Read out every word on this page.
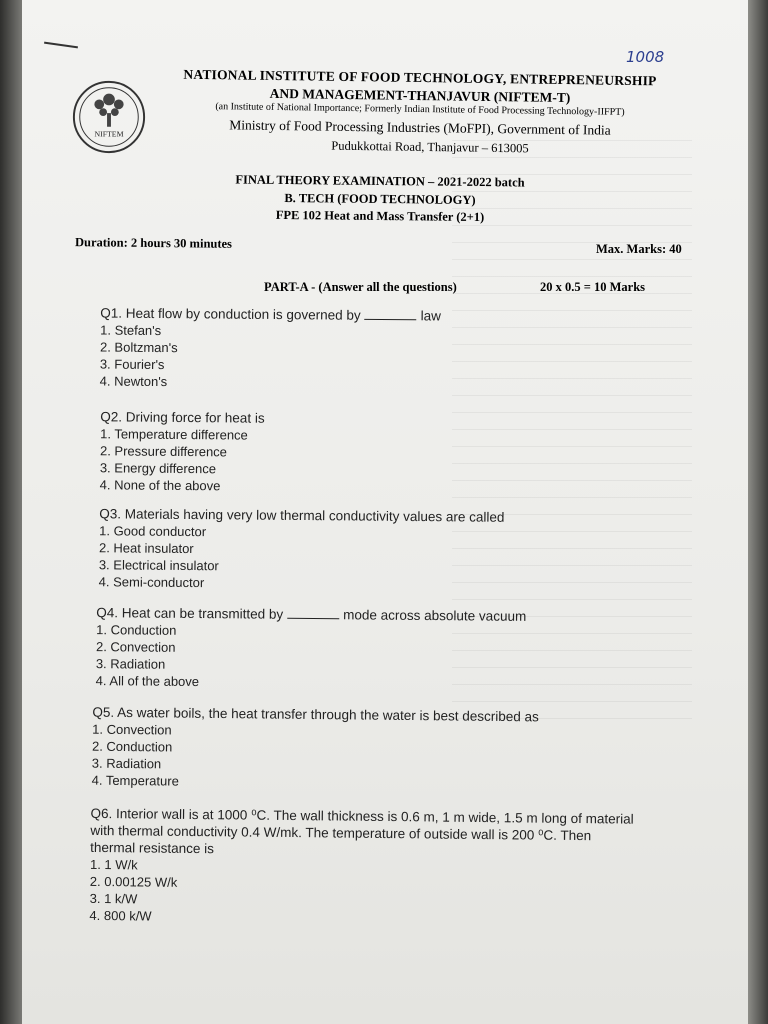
1008
NIFTEM
NATIONAL INSTITUTE OF FOOD TECHNOLOGY, ENTREPRENEURSHIP
AND MANAGEMENT-THANJAVUR (NIFTEM-T)
(an Institute of National Importance; Formerly Indian Institute of Food Processing Technology-IIFPT)
Ministry of Food Processing Industries (MoFPI), Government of India
Pudukkottai Road, Thanjavur – 613005
FINAL THEORY EXAMINATION – 2021-2022 batch
B. TECH (FOOD TECHNOLOGY)
FPE 102 Heat and Mass Transfer (2+1)
Duration: 2 hours 30 minutes	Max. Marks: 40
PART-A - (Answer all the questions)	20 x 0.5 = 10 Marks
Q1. Heat flow by conduction is governed by	law
1. Stefan's
2. Boltzman's
3. Fourier's
4. Newton's
Q2. Driving force for heat is
1. Temperature difference
2. Pressure difference
3. Energy difference
4. None of the above
Q3. Materials having very low thermal conductivity values are called
1. Good conductor
2. Heat insulator
3. Electrical insulator
4. Semi-conductor
Q4. Heat can be transmitted by	mode across absolute vacuum
1. Conduction
2. Convection
3. Radiation
4. All of the above
Q5. As water boils, the heat transfer through the water is best described as
1. Convection
2. Conduction
3. Radiation
4. Temperature
Q6. Interior wall is at 1000 ⁰C. The wall thickness is 0.6 m, 1 m wide, 1.5 m long of material
with thermal conductivity 0.4 W/mk. The temperature of outside wall is 200 ⁰C. Then
thermal resistance is
1. 1 W/k
2. 0.00125 W/k
3. 1 k/W
4. 800 k/W
